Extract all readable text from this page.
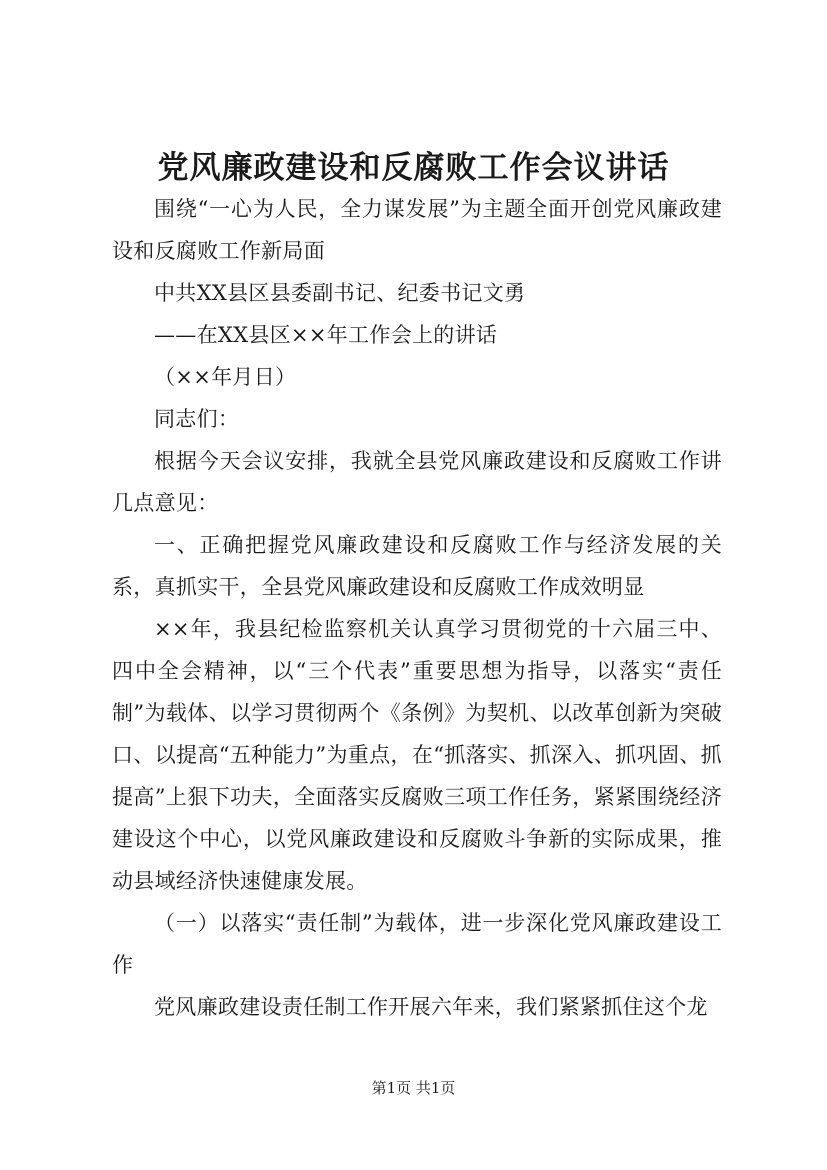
党风廉政建设和反腐败工作会议讲话

围绕“一心为人民，全力谋发展”为主题全面开创党风廉政建设和反腐败工作新局面

中共XX县区县委副书记、纪委书记文勇

——在XX县区××年工作会上的讲话

（××年月日）

同志们：

根据今天会议安排，我就全县党风廉政建设和反腐败工作讲几点意见：

一、正确把握党风廉政建设和反腐败工作与经济发展的关系，真抓实干，全县党风廉政建设和反腐败工作成效明显

××年，我县纪检监察机关认真学习贯彻党的十六届三中、四中全会精神，以“三个代表”重要思想为指导，以落实“责任制”为载体、以学习贯彻两个《条例》为契机、以改革创新为突破口、以提高“五种能力”为重点，在“抓落实、抓深入、抓巩固、抓提高”上狠下功夫，全面落实反腐败三项工作任务，紧紧围绕经济建设这个中心，以党风廉政建设和反腐败斗争新的实际成果，推动县域经济快速健康发展。

（一）以落实“责任制”为载体，进一步深化党风廉政建设工作

党风廉政建设责任制工作开展六年来，我们紧紧抓住这个龙

第1页 共1页
